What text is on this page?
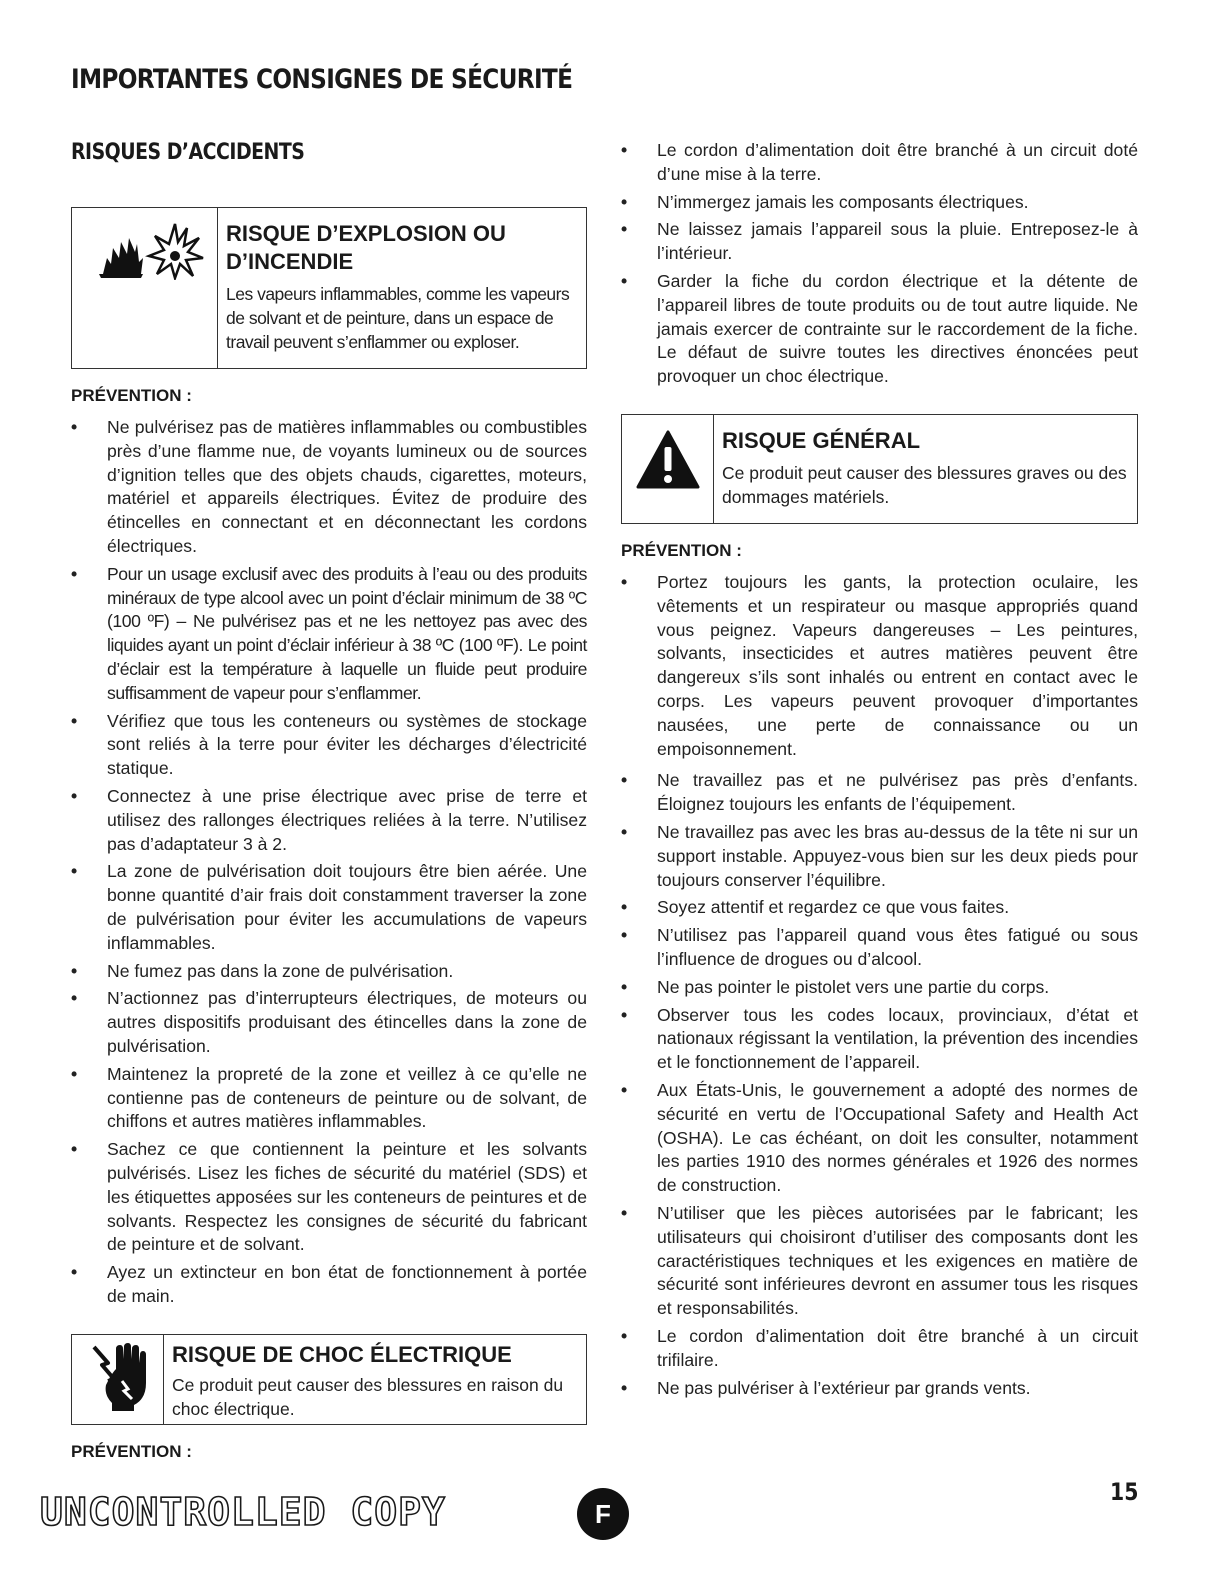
IMPORTANTES CONSIGNES DE SÉCURITÉ
RISQUES D’ACCIDENTS

RISQUE D’EXPLOSION OU D’INCENDIE

Les vapeurs inflammables, comme les vapeurs de solvant et de peinture, dans un espace de travail peuvent s’enflammer ou exploser.

PRÉVENTION :

• Ne pulvérisez pas de matières inflammables ou combustibles près d’une flamme nue, de voyants lumineux ou de sources d’ignition telles que des objets chauds, cigarettes, moteurs, matériel et appareils électriques. Évitez de produire des étincelles en connectant et en déconnectant les cordons électriques.
• Pour un usage exclusif avec des produits à l’eau ou des produits minéraux de type alcool avec un point d’éclair minimum de 38 ºC (100 ºF) – Ne pulvérisez pas et ne les nettoyez pas avec des liquides ayant un point d’éclair inférieur à 38 ºC (100 ºF). Le point d’éclair est la température à laquelle un fluide peut produire suffisamment de vapeur pour s’enflammer.
• Vérifiez que tous les conteneurs ou systèmes de stockage sont reliés à la terre pour éviter les décharges d’électricité statique.
• Connectez à une prise électrique avec prise de terre et utilisez des rallonges électriques reliées à la terre. N’utilisez pas d’adaptateur 3 à 2.
• La zone de pulvérisation doit toujours être bien aérée. Une bonne quantité d’air frais doit constamment traverser la zone de pulvérisation pour éviter les accumulations de vapeurs inflammables.
• Ne fumez pas dans la zone de pulvérisation.
• N’actionnez pas d’interrupteurs électriques, de moteurs ou autres dispositifs produisant des étincelles dans la zone de pulvérisation.
• Maintenez la propreté de la zone et veillez à ce qu’elle ne contienne pas de conteneurs de peinture ou de solvant, de chiffons et autres matières inflammables.
• Sachez ce que contiennent la peinture et les solvants pulvérisés. Lisez les fiches de sécurité du matériel (SDS) et les étiquettes apposées sur les conteneurs de peintures et de solvants. Respectez les consignes de sécurité du fabricant de peinture et de solvant.
• Ayez un extincteur en bon état de fonctionnement à portée de main.

RISQUE DE CHOC ÉLECTRIQUE

Ce produit peut causer des blessures en raison du choc électrique.

PRÉVENTION :

• Le cordon d’alimentation doit être branché à un circuit doté d’une mise à la terre.
• N’immergez jamais les composants électriques.
• Ne laissez jamais l’appareil sous la pluie. Entreposez-le à l’intérieur.
• Garder la fiche du cordon électrique et la détente de l’appareil libres de toute produits ou de tout autre liquide. Ne jamais exercer de contrainte sur le raccordement de la fiche. Le défaut de suivre toutes les directives énoncées peut provoquer un choc électrique.

RISQUE GÉNÉRAL

Ce produit peut causer des blessures graves ou des dommages matériels.

PRÉVENTION :

• Portez toujours les gants, la protection oculaire, les vêtements et un respirateur ou masque appropriés quand vous peignez. Vapeurs dangereuses – Les peintures, solvants, insecticides et autres matières peuvent être dangereux s’ils sont inhalés ou entrent en contact avec le corps. Les vapeurs peuvent provoquer d’importantes nausées, une perte de connaissance ou un empoisonnement.
• Ne travaillez pas et ne pulvérisez pas près d’enfants. Éloignez toujours les enfants de l’équipement.
• Ne travaillez pas avec les bras au-dessus de la tête ni sur un support instable. Appuyez-vous bien sur les deux pieds pour toujours conserver l’équilibre.
• Soyez attentif et regardez ce que vous faites.
• N’utilisez pas l’appareil quand vous êtes fatigué ou sous l’influence de drogues ou d’alcool.
• Ne pas pointer le pistolet vers une partie du corps.
• Observer tous les codes locaux, provinciaux, d’état et nationaux régissant la ventilation, la prévention des incendies et le fonctionnement de l’appareil.
• Aux États-Unis, le gouvernement a adopté des normes de sécurité en vertu de l’Occupational Safety and Health Act (OSHA). Le cas échéant, on doit les consulter, notamment les parties 1910 des normes générales et 1926 des normes de construction.
• N’utiliser que les pièces autorisées par le fabricant; les utilisateurs qui choisiront d’utiliser des composants dont les caractéristiques techniques et les exigences en matière de sécurité sont inférieures devront en assumer tous les risques et responsabilités.
• Le cordon d’alimentation doit être branché à un circuit trifilaire.
• Ne pas pulvériser à l’extérieur par grands vents.
UNCONTROLLED COPY	F
15
